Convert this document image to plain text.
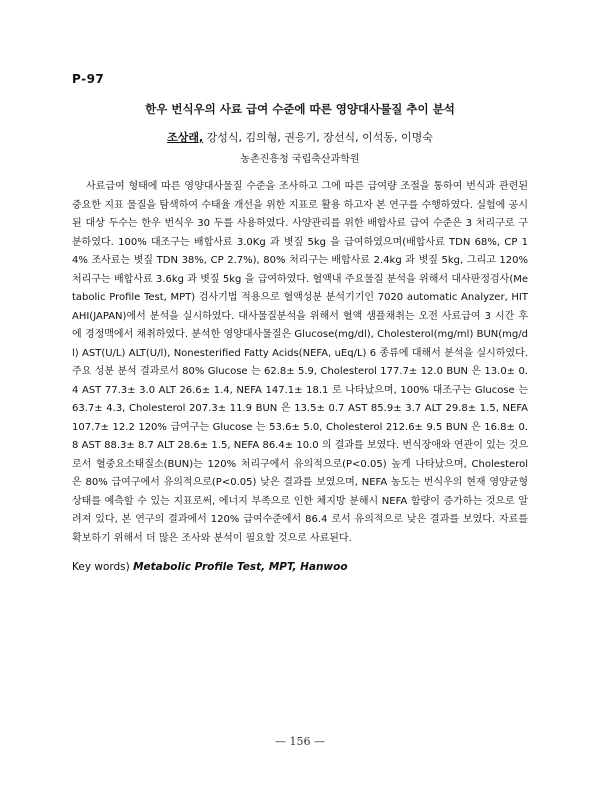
P-97
한우 번식우의 사료 급여 수준에 따른 영양대사물질 추이 분석
조상래, 강성식, 김의형, 권응기, 장선식, 이석동, 이명숙
농촌진흥청 국립축산과학원
사료급여 형태에 따른 영양대사물질 수준을 조사하고 그에 따른 급여량 조절을 통하여 번식과 관련된 중요한 지표 물질을 탐색하여 수태율 개선을 위한 지표로 활용 하고자 본 연구를 수행하였다. 실험에 공시된 대상 두수는 한우 번식우 30 두를 사용하였다. 사양관리를 위한 배합사료 급여 수준은 3 처리구로 구분하였다. 100% 대조구는 배합사료 3.0Kg 과 볏짚 5kg 을 급여하였으며(배합사료 TDN 68%, CP 14% 조사료는 볏짚 TDN 38%, CP 2.7%), 80% 처리구는 배합사료 2.4kg 과 볏짚 5kg, 그리고 120% 처리구는 배합사료 3.6kg 과 볏짚 5kg 을 급여하였다. 혈액내 주요물질 분석을 위해서 대사판정검사(Metabolic Profile Test, MPT) 검사기법 적용으로 혈액성분 분석기기인 7020 automatic Analyzer, HITAHI(JAPAN)에서 분석을 실시하였다. 대사물질분석을 위해서 혈액 샘플채취는 오전 사료급여 3 시간 후에 경정맥에서 채취하였다. 분석한 영양대사물질은 Glucose(mg/dl), Cholesterol(mg/ml) BUN(mg/dl) AST(U/L) ALT(U/l), Nonesterified Fatty Acids(NEFA, uEq/L) 6 종류에 대해서 분석을 실시하였다. 주요 성분 분석 결과로서 80% Glucose 는 62.8± 5.9, Cholesterol 177.7± 12.0 BUN 은 13.0± 0.4 AST 77.3± 3.0 ALT 26.6± 1.4, NEFA 147.1± 18.1 로 나타났으며, 100% 대조구는 Glucose 는 63.7± 4.3, Cholesterol 207.3± 11.9 BUN 은 13.5± 0.7 AST 85.9± 3.7 ALT 29.8± 1.5, NEFA 107.7± 12.2 120% 급여구는 Glucose 는 53.6± 5.0, Cholesterol 212.6± 9.5 BUN 은 16.8± 0.8 AST 88.3± 8.7 ALT 28.6± 1.5, NEFA 86.4± 10.0 의 결과를 보였다. 번식장애와 연관이 있는 것으로서 혈중요소태질소(BUN)는 120% 처리구에서 유의적으로(P<0.05) 높게 나타났으며, Cholesterol 은 80% 급여구에서 유의적으로(P<0.05) 낮은 결과를 보였으며, NEFA 농도는 번식우의 현재 영양균형 상태를 예측할 수 있는 지표로써, 에너지 부족으로 인한 체지방 분해시 NEFA 함량이 증가하는 것으로 알려져 있다, 본 연구의 결과에서 120% 급여수준에서 86.4 로서 유의적으로 낮은 결과를 보였다. 자료를 확보하기 위해서 더 많은 조사와 분석이 필요할 것으로 사료된다.
Key words) Metabolic Profile Test, MPT, Hanwoo
— 156 —
